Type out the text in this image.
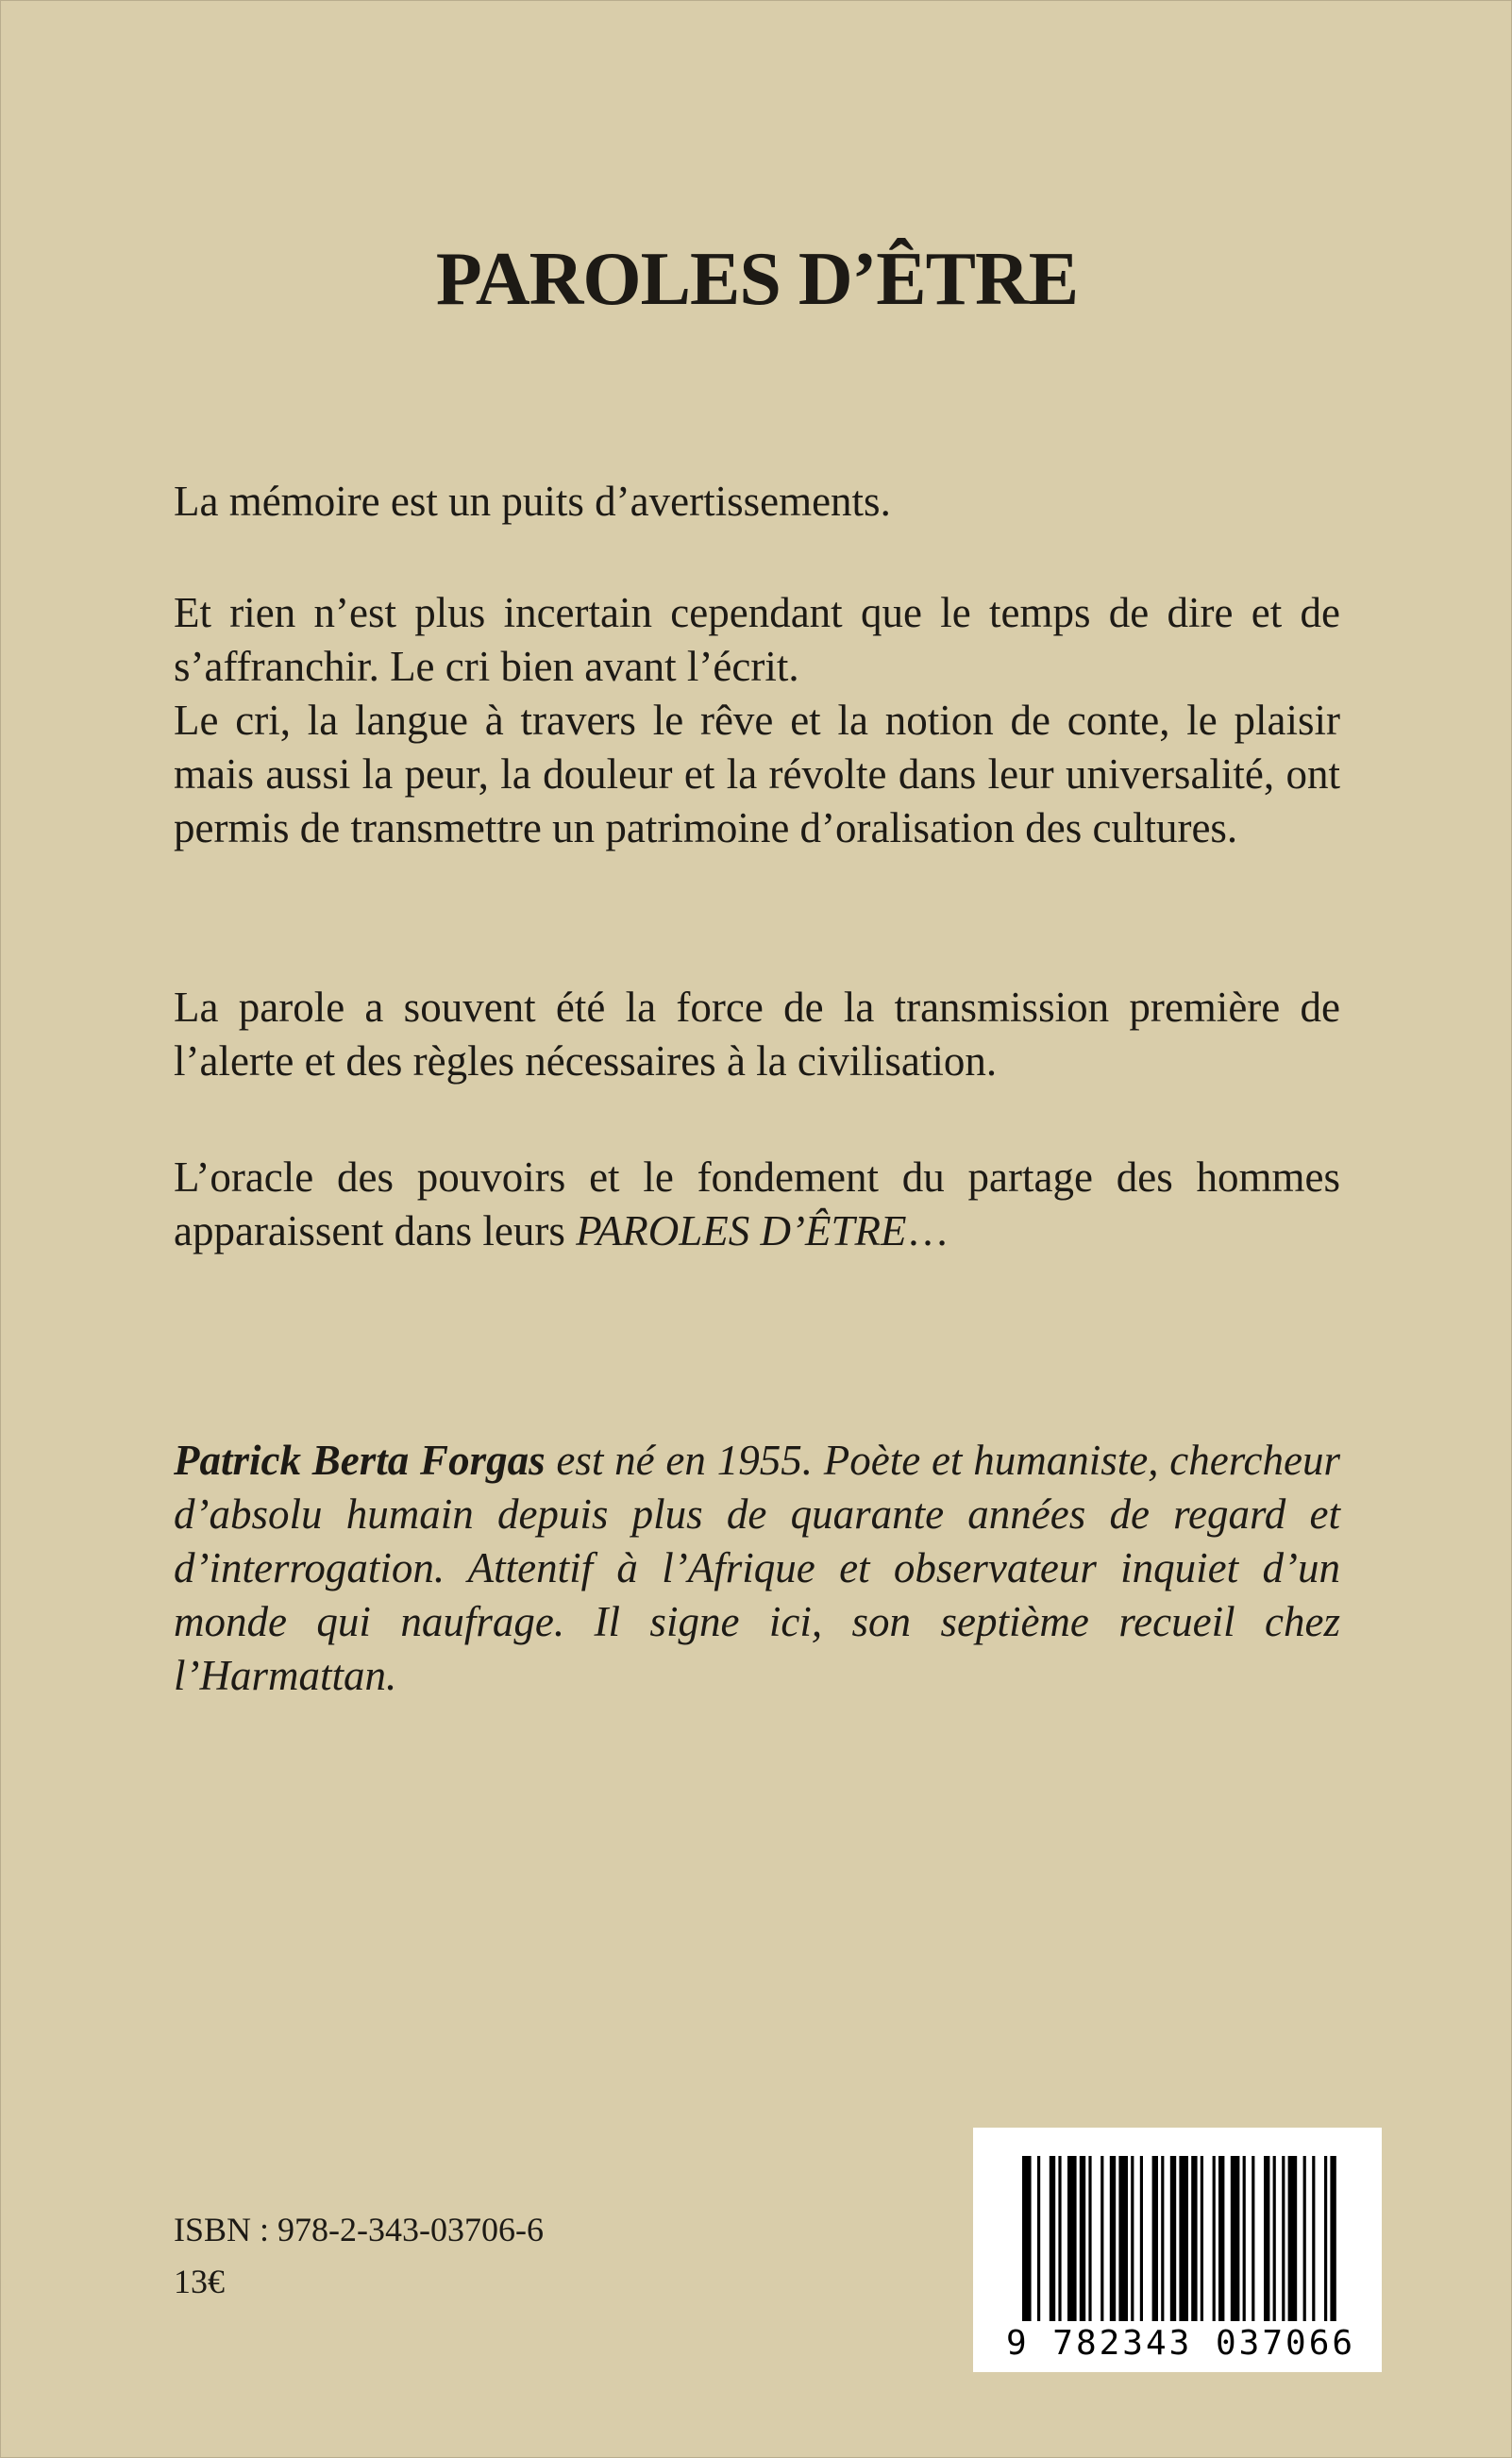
PAROLES D’ÊTRE

La mémoire est un puits d’avertissements.

Et rien n’est plus incertain cependant que le temps de dire et de s’affranchir. Le cri bien avant l’écrit.
Le cri, la langue à travers le rêve et la notion de conte, le plaisir mais aussi la peur, la douleur et la révolte dans leur universalité, ont permis de transmettre un patrimoine d’oralisation des cultures.

La parole a souvent été la force de la transmission première de l’alerte et des règles nécessaires à la civilisation.

L’oracle des pouvoirs et le fondement du partage des hommes apparaissent dans leurs PAROLES D’ÊTRE…

Patrick Berta Forgas est né en 1955. Poète et humaniste, chercheur d’absolu humain depuis plus de quarante années de regard et d’interrogation. Attentif à l’Afrique et observateur inquiet d’un monde qui naufrage. Il signe ici, son septième recueil chez l’Harmattan.

ISBN : 978-2-343-03706-6

13€

9 782343 037066
